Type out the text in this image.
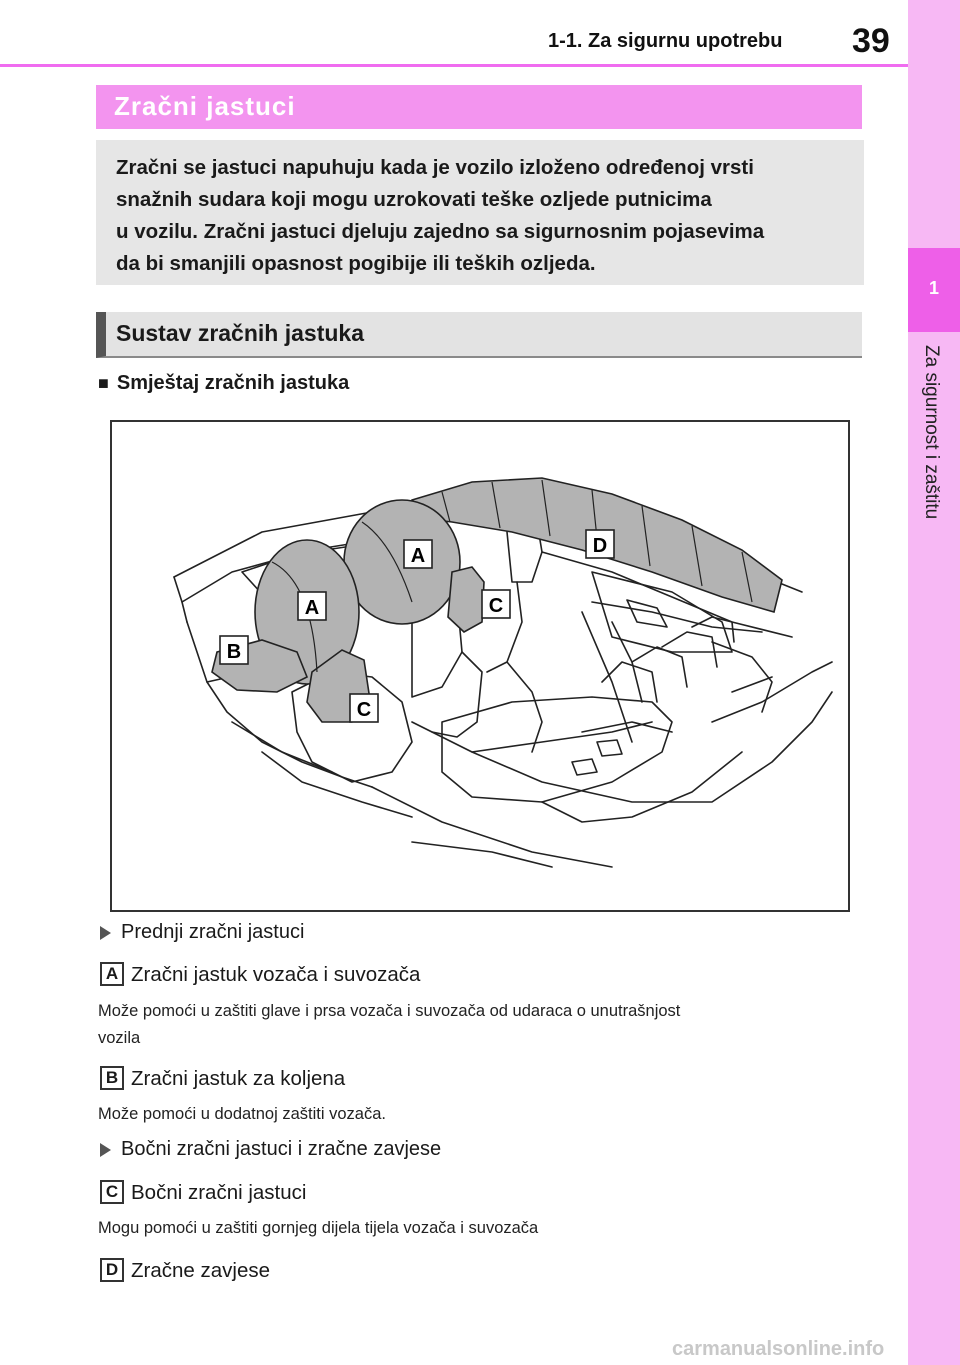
1-1. Za sigurnu upotrebu 39
1
Za sigurnost i zaštitu
Zračni jastuci

Zračni se jastuci napuhuju kada je vozilo izloženo određenoj vrsti

snažnih sudara koji mogu uzrokovati teške ozljede putnicima

u vozilu. Zračni jastuci djeluju zajedno sa sigurnosnim pojasevima

da bi smanjili opasnost pogibije ili teških ozljeda.

Sustav zračnih jastuka
■ Smještaj zračnih jastuka
A
A
B
C
C
D
Prednji zračni jastuci
A Zračni jastuk vozača i suvozača
Može pomoći u zaštiti glave i prsa vozača i suvozača od udaraca o unutrašnjost
vozila
B Zračni jastuk za koljena
Može pomoći u dodatnoj zaštiti vozača.
Bočni zračni jastuci i zračne zavjese
C Bočni zračni jastuci
Mogu pomoći u zaštiti gornjeg dijela tijela vozača i suvozača
D Zračne zavjese
carmanualsonline.info
